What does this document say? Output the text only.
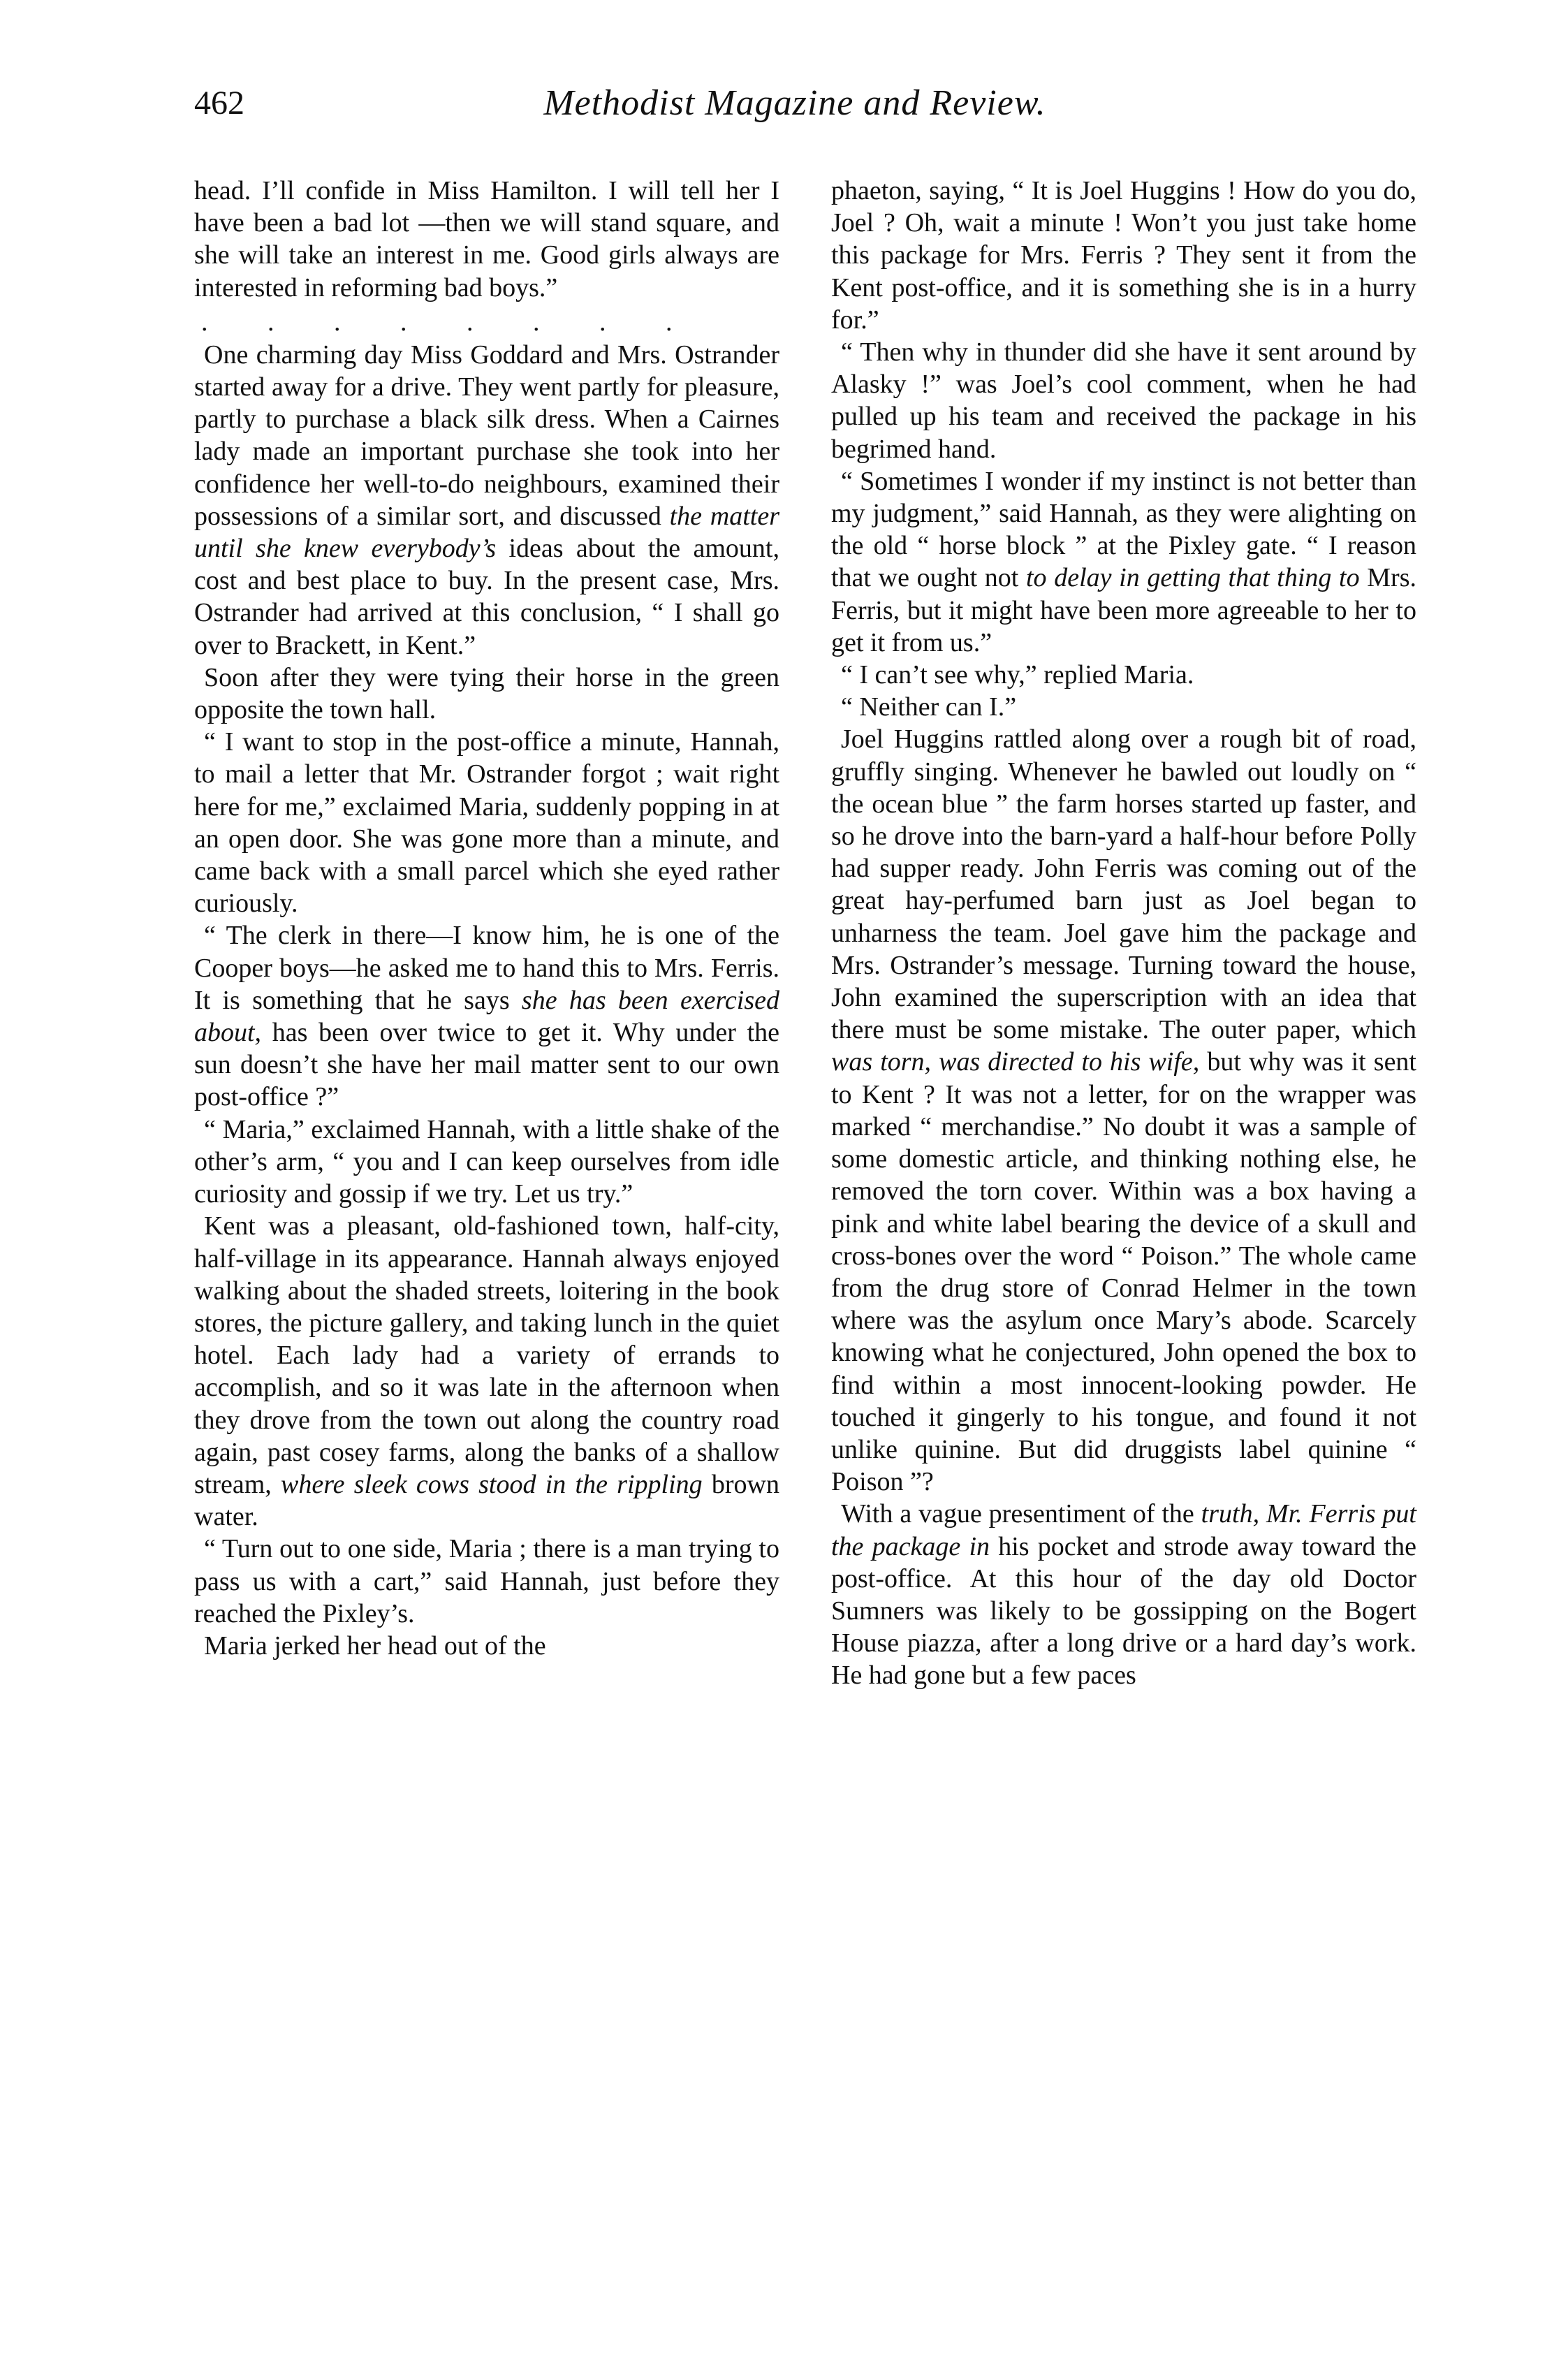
462	Methodist Magazine and Review.

head. I’ll confide in Miss Hamilton. I will tell her I have been a bad lot —then we will stand square, and she will take an interest in me. Good girls always are interested in reforming bad boys.”

. . . . . . . .

One charming day Miss Goddard and Mrs. Ostrander started away for a drive. They went partly for pleasure, partly to purchase a black silk dress. When a Cairnes lady made an important purchase she took into her confidence her well-to-do neighbours, examined their possessions of a similar sort, and discussed the matter until she knew everybody’s ideas about the amount, cost and best place to buy. In the present case, Mrs. Ostrander had arrived at this conclusion, “ I shall go over to Brackett, in Kent.”

Soon after they were tying their horse in the green opposite the town hall.

“ I want to stop in the post-office a minute, Hannah, to mail a letter that Mr. Ostrander forgot ; wait right here for me,” exclaimed Maria, suddenly popping in at an open door. She was gone more than a minute, and came back with a small parcel which she eyed rather curiously.

“ The clerk in there—I know him, he is one of the Cooper boys—he asked me to hand this to Mrs. Ferris. It is something that he says she has been exercised about, has been over twice to get it. Why under the sun doesn’t she have her mail matter sent to our own post-office ?”

“ Maria,” exclaimed Hannah, with a little shake of the other’s arm, “ you and I can keep ourselves from idle curiosity and gossip if we try. Let us try.”

Kent was a pleasant, old-fashioned town, half-city, half-village in its appearance. Hannah always enjoyed walking about the shaded streets, loitering in the book stores, the picture gallery, and taking lunch in the quiet hotel. Each lady had a variety of errands to accomplish, and so it was late in the afternoon when they drove from the town out along the country road again, past cosey farms, along the banks of a shallow stream, where sleek cows stood in the rippling brown water.

“ Turn out to one side, Maria ; there is a man trying to pass us with a cart,” said Hannah, just before they reached the Pixley’s.

Maria jerked her head out of the

phaeton, saying, “ It is Joel Huggins ! How do you do, Joel ? Oh, wait a minute ! Won’t you just take home this package for Mrs. Ferris ? They sent it from the Kent post-office, and it is something she is in a hurry for.”

“ Then why in thunder did she have it sent around by Alasky !” was Joel’s cool comment, when he had pulled up his team and received the package in his begrimed hand.

“ Sometimes I wonder if my instinct is not better than my judgment,” said Hannah, as they were alighting on the old “ horse block ” at the Pixley gate. “ I reason that we ought not to delay in getting that thing to Mrs. Ferris, but it might have been more agreeable to her to get it from us.”

“ I can’t see why,” replied Maria.

“ Neither can I.”

Joel Huggins rattled along over a rough bit of road, gruffly singing. Whenever he bawled out loudly on “ the ocean blue ” the farm horses started up faster, and so he drove into the barn-yard a half-hour before Polly had supper ready. John Ferris was coming out of the great hay-perfumed barn just as Joel began to unharness the team. Joel gave him the package and Mrs. Ostrander’s message. Turning toward the house, John examined the superscription with an idea that there must be some mistake. The outer paper, which was torn, was directed to his wife, but why was it sent to Kent ? It was not a letter, for on the wrapper was marked “ merchandise.” No doubt it was a sample of some domestic article, and thinking nothing else, he removed the torn cover. Within was a box having a pink and white label bearing the device of a skull and cross-bones over the word “ Poison.” The whole came from the drug store of Conrad Helmer in the town where was the asylum once Mary’s abode. Scarcely knowing what he conjectured, John opened the box to find within a most innocent-looking powder. He touched it gingerly to his tongue, and found it not unlike quinine. But did druggists label quinine “ Poison ”?

With a vague presentiment of the truth, Mr. Ferris put the package in his pocket and strode away toward the post-office. At this hour of the day old Doctor Sumners was likely to be gossipping on the Bogert House piazza, after a long drive or a hard day’s work. He had gone but a few paces
